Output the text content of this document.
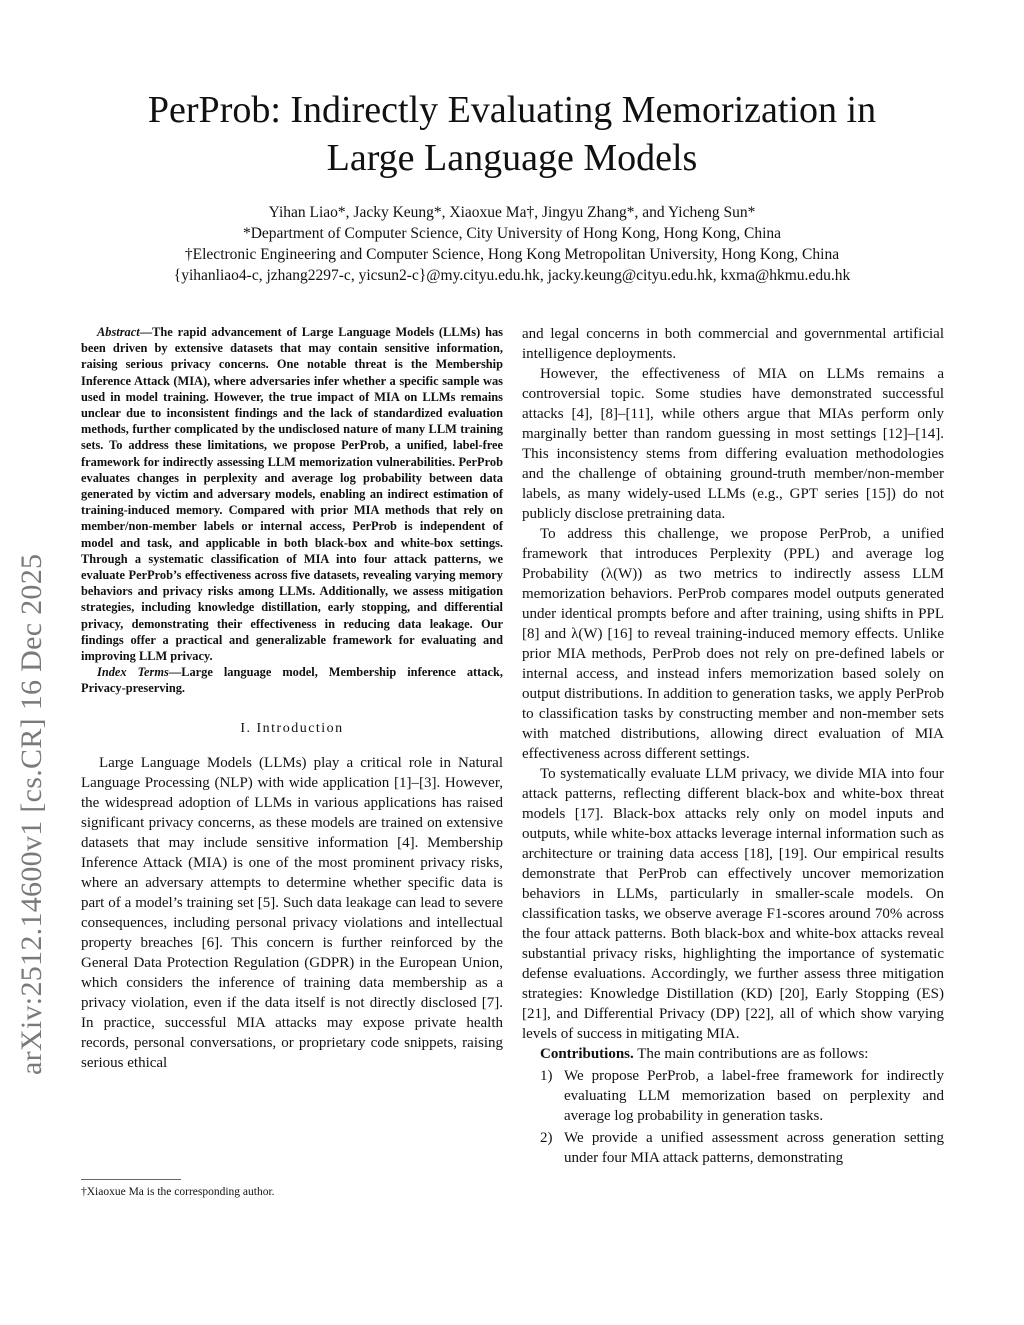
arXiv:2512.14600v1 [cs.CR] 16 Dec 2025
PerProb: Indirectly Evaluating Memorization in
Large Language Models
Yihan Liao*, Jacky Keung*, Xiaoxue Ma†, Jingyu Zhang*, and Yicheng Sun*
*Department of Computer Science, City University of Hong Kong, Hong Kong, China
†Electronic Engineering and Computer Science, Hong Kong Metropolitan University, Hong Kong, China
{yihanliao4-c, jzhang2297-c, yicsun2-c}@my.cityu.edu.hk, jacky.keung@cityu.edu.hk, kxma@hkmu.edu.hk

Abstract—The rapid advancement of Large Language Models (LLMs) has been driven by extensive datasets that may contain sensitive information, raising serious privacy concerns. One notable threat is the Membership Inference Attack (MIA), where adversaries infer whether a specific sample was used in model training. However, the true impact of MIA on LLMs remains unclear due to inconsistent findings and the lack of standardized evaluation methods, further complicated by the undisclosed nature of many LLM training sets. To address these limitations, we propose PerProb, a unified, label-free framework for indirectly assessing LLM memorization vulnerabilities. PerProb evaluates changes in perplexity and average log probability between data generated by victim and adversary models, enabling an indirect estimation of training-induced memory. Compared with prior MIA methods that rely on member/non-member labels or internal access, PerProb is independent of model and task, and applicable in both black-box and white-box settings. Through a systematic classification of MIA into four attack patterns, we evaluate PerProb’s effectiveness across five datasets, revealing varying memory behaviors and privacy risks among LLMs. Additionally, we assess mitigation strategies, including knowledge distillation, early stopping, and differential privacy, demonstrating their effectiveness in reducing data leakage. Our findings offer a practical and generalizable framework for evaluating and improving LLM privacy.

Index Terms—Large language model, Membership inference attack, Privacy-preserving.

I. Introduction

Large Language Models (LLMs) play a critical role in Natural Language Processing (NLP) with wide application [1]–[3]. However, the widespread adoption of LLMs in various applications has raised significant privacy concerns, as these models are trained on extensive datasets that may include sensitive information [4]. Membership Inference Attack (MIA) is one of the most prominent privacy risks, where an adversary attempts to determine whether specific data is part of a model’s training set [5]. Such data leakage can lead to severe consequences, including personal privacy violations and intellectual property breaches [6]. This concern is further reinforced by the General Data Protection Regulation (GDPR) in the European Union, which considers the inference of training data membership as a privacy violation, even if the data itself is not directly disclosed [7]. In practice, successful MIA attacks may expose private health records, personal conversations, or proprietary code snippets, raising serious ethical

†Xiaoxue Ma is the corresponding author.

and legal concerns in both commercial and governmental artificial intelligence deployments.

However, the effectiveness of MIA on LLMs remains a controversial topic. Some studies have demonstrated successful attacks [4], [8]–[11], while others argue that MIAs perform only marginally better than random guessing in most settings [12]–[14]. This inconsistency stems from differing evaluation methodologies and the challenge of obtaining ground-truth member/non-member labels, as many widely-used LLMs (e.g., GPT series [15]) do not publicly disclose pretraining data.

To address this challenge, we propose PerProb, a unified framework that introduces Perplexity (PPL) and average log Probability (λ(W)) as two metrics to indirectly assess LLM memorization behaviors. PerProb compares model outputs generated under identical prompts before and after training, using shifts in PPL [8] and λ(W) [16] to reveal training-induced memory effects. Unlike prior MIA methods, PerProb does not rely on pre-defined labels or internal access, and instead infers memorization based solely on output distributions. In addition to generation tasks, we apply PerProb to classification tasks by constructing member and non-member sets with matched distributions, allowing direct evaluation of MIA effectiveness across different settings.

To systematically evaluate LLM privacy, we divide MIA into four attack patterns, reflecting different black-box and white-box threat models [17]. Black-box attacks rely only on model inputs and outputs, while white-box attacks leverage internal information such as architecture or training data access [18], [19]. Our empirical results demonstrate that PerProb can effectively uncover memorization behaviors in LLMs, particularly in smaller-scale models. On classification tasks, we observe average F1-scores around 70% across the four attack patterns. Both black-box and white-box attacks reveal substantial privacy risks, highlighting the importance of systematic defense evaluations. Accordingly, we further assess three mitigation strategies: Knowledge Distillation (KD) [20], Early Stopping (ES) [21], and Differential Privacy (DP) [22], all of which show varying levels of success in mitigating MIA.

Contributions. The main contributions are as follows:

1) We propose PerProb, a label-free framework for indirectly evaluating LLM memorization based on perplexity and average log probability in generation tasks.
2) We provide a unified assessment across generation setting under four MIA attack patterns, demonstrating
